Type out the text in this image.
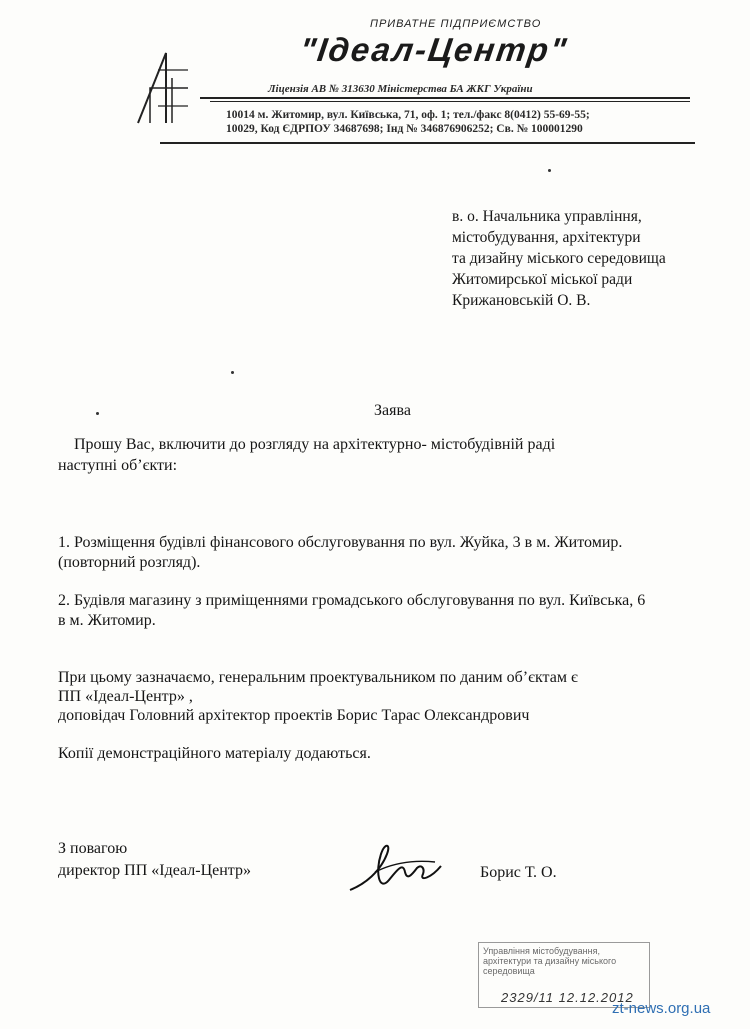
ПРИВАТНЕ ПІДПРИЄМСТВО
"Ідеал-Центр"
Ліцензія АВ № 313630 Міністерства БА ЖКГ України
10014 м. Житомир, вул. Київська, 71, оф. 1; тел./факс 8(0412) 55-69-55;
10029, Код ЄДРПОУ 34687698; Інд № 346876906252; Св. № 100001290
в. о. Начальника управління,
містобудування, архітектури
та дизайну міського середовища
Житомирської міської ради
Крижановській О. В.
Заява
Прошу Вас, включити до розгляду на архітектурно- містобудівній раді
наступні об’єкти:
1. Розміщення будівлі фінансового обслуговування по вул. Жуйка, 3 в м. Житомир.
(повторний розгляд).
2. Будівля магазину з приміщеннями громадського обслуговування по вул. Київська, 6
в м. Житомир.
При цьому зазначаємо, генеральним проектувальником по даним об’єктам є
ПП «Ідеал-Центр» ,
доповідач Головний архітектор проектів Борис Тарас Олександрович
Копії демонстраційного матеріалу додаються.
З повагою
директор ПП «Ідеал-Центр»	Борис Т. О.
Управління містобудування,
архітектури та дизайну міського
середовища
2329/11 12.12.2012
zt-news.org.ua
